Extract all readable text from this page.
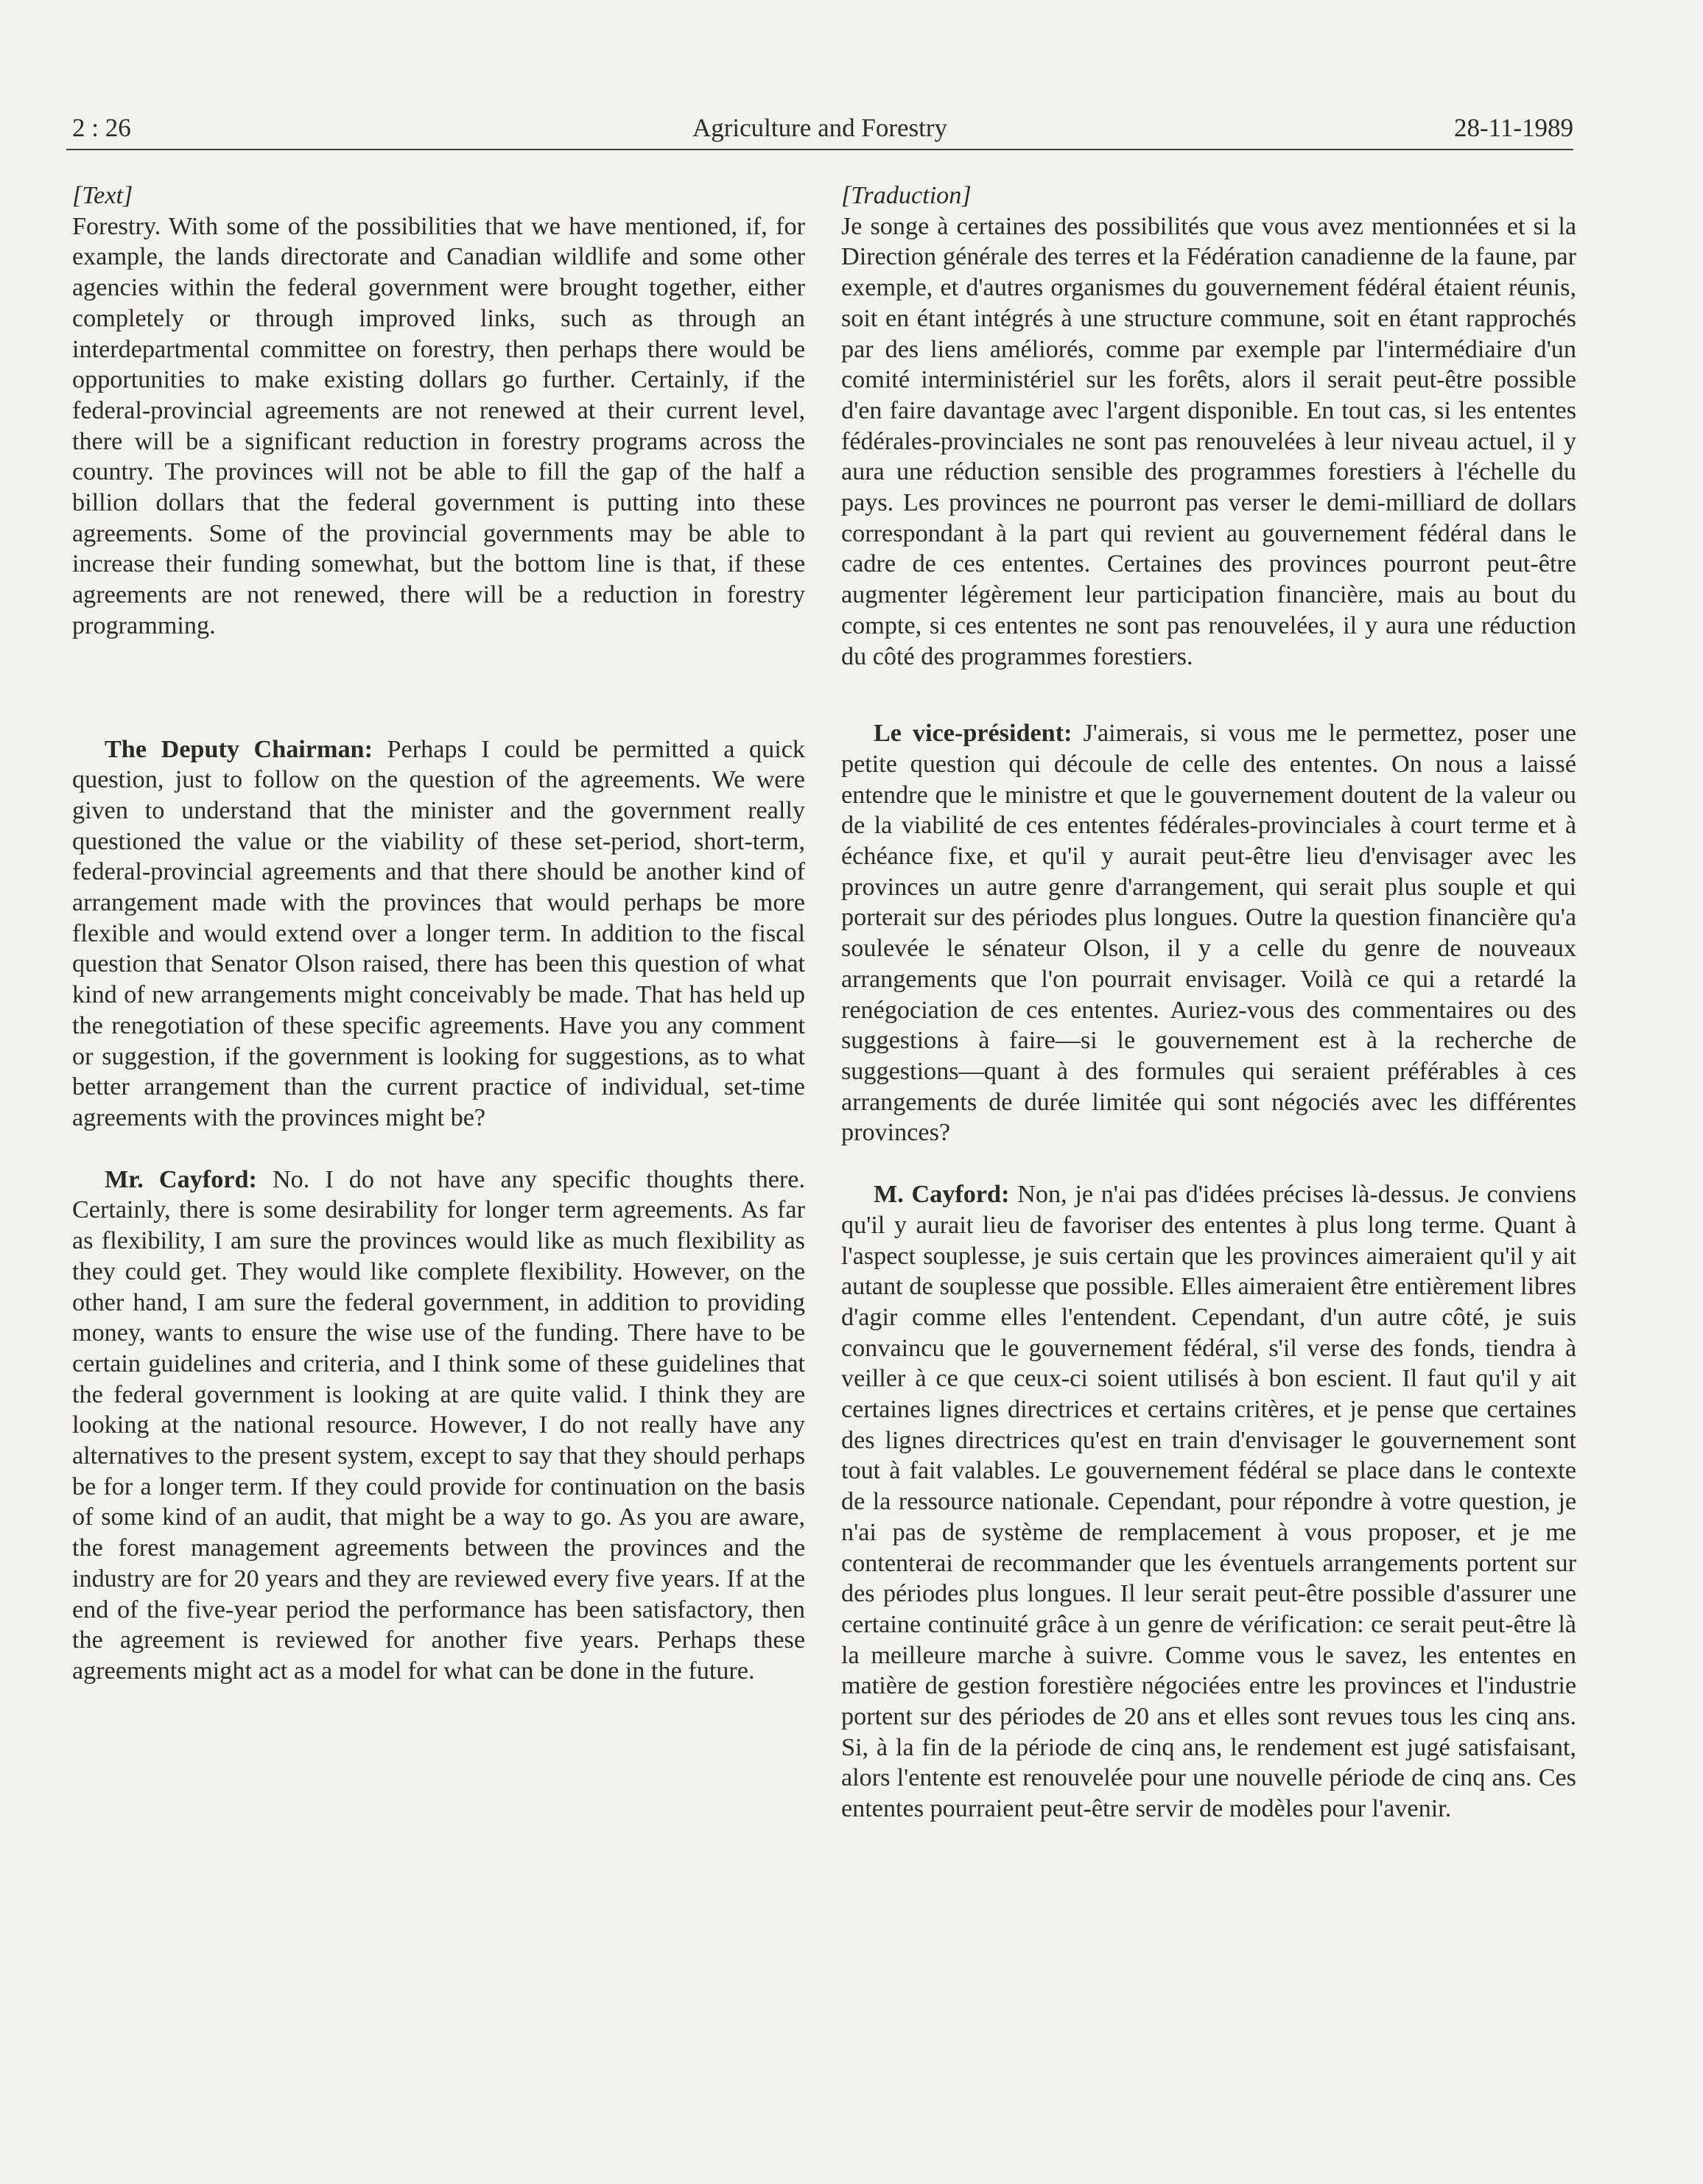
2 : 26	Agriculture and Forestry	28-11-1989

[Text]

Forestry. With some of the possibilities that we have mentioned, if, for example, the lands directorate and Canadian wildlife and some other agencies within the federal government were brought together, either completely or through improved links, such as through an interdepartmental committee on forestry, then perhaps there would be opportunities to make existing dollars go further. Certainly, if the federal-provincial agreements are not renewed at their current level, there will be a significant reduction in forestry programs across the country. The provinces will not be able to fill the gap of the half a billion dollars that the federal government is putting into these agreements. Some of the provincial governments may be able to increase their funding somewhat, but the bottom line is that, if these agreements are not renewed, there will be a reduction in forestry programming.

The Deputy Chairman: Perhaps I could be permitted a quick question, just to follow on the question of the agreements. We were given to understand that the minister and the government really questioned the value or the viability of these set-period, short-term, federal-provincial agreements and that there should be another kind of arrangement made with the provinces that would perhaps be more flexible and would extend over a longer term. In addition to the fiscal question that Senator Olson raised, there has been this question of what kind of new arrangements might conceivably be made. That has held up the renegotiation of these specific agreements. Have you any comment or suggestion, if the government is looking for suggestions, as to what better arrangement than the current practice of individual, set-time agreements with the provinces might be?

Mr. Cayford: No. I do not have any specific thoughts there. Certainly, there is some desirability for longer term agreements. As far as flexibility, I am sure the provinces would like as much flexibility as they could get. They would like complete flexibility. However, on the other hand, I am sure the federal government, in addition to providing money, wants to ensure the wise use of the funding. There have to be certain guidelines and criteria, and I think some of these guidelines that the federal government is looking at are quite valid. I think they are looking at the national resource. However, I do not really have any alternatives to the present system, except to say that they should perhaps be for a longer term. If they could provide for continuation on the basis of some kind of an audit, that might be a way to go. As you are aware, the forest management agreements between the provinces and the industry are for 20 years and they are reviewed every five years. If at the end of the five-year period the performance has been satisfactory, then the agreement is reviewed for another five years. Perhaps these agreements might act as a model for what can be done in the future.

[Traduction]

Je songe à certaines des possibilités que vous avez mentionnées et si la Direction générale des terres et la Fédération canadienne de la faune, par exemple, et d'autres organismes du gouvernement fédéral étaient réunis, soit en étant intégrés à une structure commune, soit en étant rapprochés par des liens améliorés, comme par exemple par l'intermédiaire d'un comité interministériel sur les forêts, alors il serait peut-être possible d'en faire davantage avec l'argent disponible. En tout cas, si les ententes fédérales-provinciales ne sont pas renouvelées à leur niveau actuel, il y aura une réduction sensible des programmes forestiers à l'échelle du pays. Les provinces ne pourront pas verser le demi-milliard de dollars correspondant à la part qui revient au gouvernement fédéral dans le cadre de ces ententes. Certaines des provinces pourront peut-être augmenter légèrement leur participation financière, mais au bout du compte, si ces ententes ne sont pas renouvelées, il y aura une réduction du côté des programmes forestiers.

Le vice-président: J'aimerais, si vous me le permettez, poser une petite question qui découle de celle des ententes. On nous a laissé entendre que le ministre et que le gouvernement doutent de la valeur ou de la viabilité de ces ententes fédérales-provinciales à court terme et à échéance fixe, et qu'il y aurait peut-être lieu d'envisager avec les provinces un autre genre d'arrangement, qui serait plus souple et qui porterait sur des périodes plus longues. Outre la question financière qu'a soulevée le sénateur Olson, il y a celle du genre de nouveaux arrangements que l'on pourrait envisager. Voilà ce qui a retardé la renégociation de ces ententes. Auriez-vous des commentaires ou des suggestions à faire—si le gouvernement est à la recherche de suggestions—quant à des formules qui seraient préférables à ces arrangements de durée limitée qui sont négociés avec les différentes provinces?

M. Cayford: Non, je n'ai pas d'idées précises là-dessus. Je conviens qu'il y aurait lieu de favoriser des ententes à plus long terme. Quant à l'aspect souplesse, je suis certain que les provinces aimeraient qu'il y ait autant de souplesse que possible. Elles aimeraient être entièrement libres d'agir comme elles l'entendent. Cependant, d'un autre côté, je suis convaincu que le gouvernement fédéral, s'il verse des fonds, tiendra à veiller à ce que ceux-ci soient utilisés à bon escient. Il faut qu'il y ait certaines lignes directrices et certains critères, et je pense que certaines des lignes directrices qu'est en train d'envisager le gouvernement sont tout à fait valables. Le gouvernement fédéral se place dans le contexte de la ressource nationale. Cependant, pour répondre à votre question, je n'ai pas de système de remplacement à vous proposer, et je me contenterai de recommander que les éventuels arrangements portent sur des périodes plus longues. Il leur serait peut-être possible d'assurer une certaine continuité grâce à un genre de vérification: ce serait peut-être là la meilleure marche à suivre. Comme vous le savez, les ententes en matière de gestion forestière négociées entre les provinces et l'industrie portent sur des périodes de 20 ans et elles sont revues tous les cinq ans. Si, à la fin de la période de cinq ans, le rendement est jugé satisfaisant, alors l'entente est renouvelée pour une nouvelle période de cinq ans. Ces ententes pourraient peut-être servir de modèles pour l'avenir.
